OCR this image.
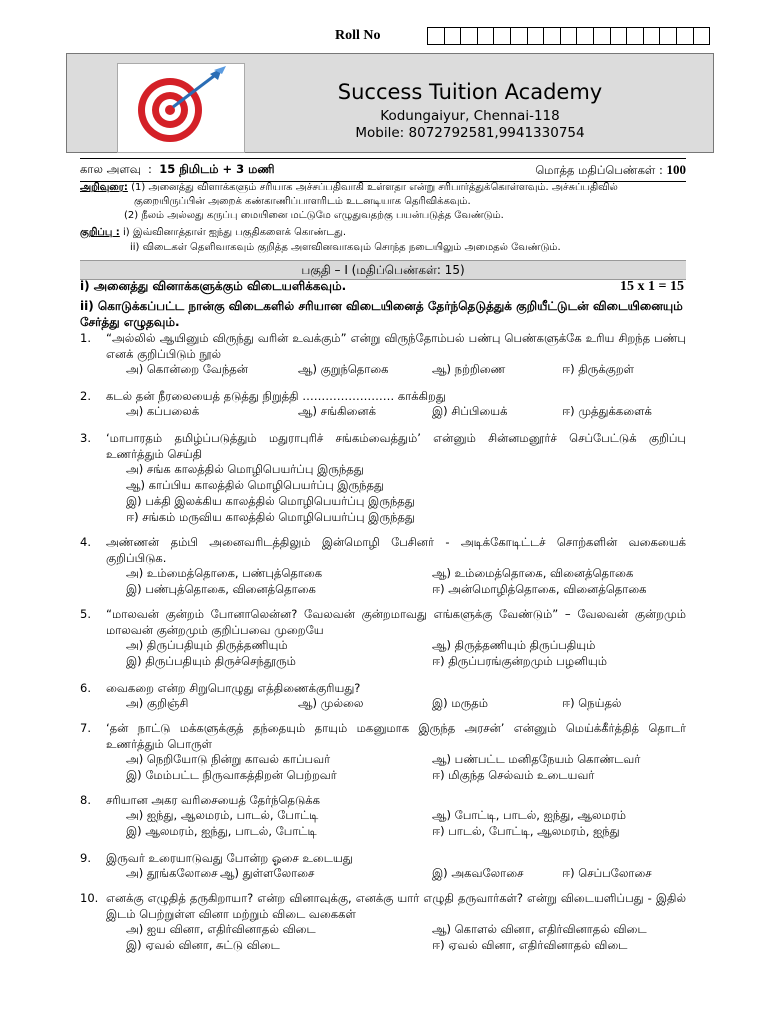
Roll No
Success Tuition Academy
Kodungaiyur, Chennai-118
Mobile: 8072792581,9941330754
கால அளவு  :  15 நிமிடம் + 3 மணி	மொத்த மதிப்பெண்கள் : 100
அறிவுரை: (1) அனைத்து விளாக்களும் சரியாக அச்சப்பதிவாகி உள்ளதா என்று சரிபார்த்துக்கொள்ளவும். அச்சுப்பதிவில்
குறையிருப்பின் அறைக் கண்காணிப்பாளரிடம் உடனடியாக தெரிவிக்கவும்.
(2) நீலம் அல்லது கருப்பு மையினை மட்டுமே எழுதுவதற்கு பயன்படுத்த வேண்டும்.
குறிப்பு : i) இவ்வினாத்தாள் ஐந்து பகுதிகளைக் கொண்டது.
ii) விடைகள் தெளிவாகவும் குறித்த அளவினவாகவும் சொந்த நடையிலும் அமைதல் வேண்டும்.
பகுதி – I (மதிப்பெண்கள்: 15)
i) அனைத்து வினாக்களுக்கும் விடையளிக்கவும்.	15 x 1 = 15
ii) கொடுக்கப்பட்ட நான்கு விடைகளில் சரியான விடையினைத் தேர்ந்தெடுத்துக் குறியீட்டுடன் விடையினையும் சேர்த்து எழுதவும்.
1. “அல்லில் ஆயினும் விருந்து வரின் உவக்கும்” என்று விருந்தோம்பல் பண்பு பெண்களுக்கே உரிய சிறந்த பண்பு எனக் குறிப்பிடும் நூல்
அ) கொன்றை வேந்தன்	ஆ) குறுந்தொகை	ஆ) நற்றிணை	ஈ) திருக்குறள்
2. கடல் தன் நீரலையைத் தடுத்து நிறுத்தி …………………… காக்கிறது
அ) கப்பலைக்	ஆ) சங்கினைக்	இ) சிப்பியைக்	ஈ) முத்துக்களைக்
3. ‘மாபாரதம் தமிழ்ப்படுத்தும் மதுராபுரிச் சங்கம்வைத்தும்’ என்னும் சின்னமனூர்ச் செப்பேட்டுக் குறிப்பு உணர்த்தும் செய்தி
அ) சங்க காலத்தில் மொழிபெயர்ப்பு இருந்தது
ஆ) காப்பிய காலத்தில் மொழிபெயர்ப்பு இருந்தது
இ) பக்தி இலக்கிய காலத்தில் மொழிபெயர்ப்பு இருந்தது
ஈ) சங்கம் மருவிய காலத்தில் மொழிபெயர்ப்பு இருந்தது
4. அண்ணன் தம்பி அனைவரிடத்திலும் இன்மொழி பேசினர் - அடிக்கோடிட்டச் சொற்களின் வகையைக் குறிப்பிடுக.
அ) உம்மைத்தொகை, பண்புத்தொகை	ஆ) உம்மைத்தொகை, வினைத்தொகை
இ) பண்புத்தொகை, வினைத்தொகை	ஈ) அன்மொழித்தொகை, வினைத்தொகை
5. “மாலவன் குன்றம் போனாலென்ன? வேலவன் குன்றமாவது எங்களுக்கு வேண்டும்” – வேலவன் குன்றமும் மாலவன் குன்றமும் குறிப்பவை முறையே
அ) திருப்பதியும் திருத்தணியும்	ஆ) திருத்தணியும் திருப்பதியும்
இ) திருப்பதியும் திருச்செந்தூரும்	ஈ) திருப்பரங்குன்றமும் பழனியும்
6. வைகறை என்ற சிறுபொழுது எத்திணைக்குரியது?
அ) குறிஞ்சி	ஆ) முல்லை	இ) மருதம்	ஈ) நெய்தல்
7. ‘தன் நாட்டு மக்களுக்குத் தந்தையும் தாயும் மகனுமாக இருந்த அரசன்’ என்னும் மெய்க்கீர்த்தித் தொடர் உணர்த்தும் பொருள்
அ) நெறியோடு நின்று காவல் காப்பவர்	ஆ) பண்பட்ட மனிதநேயம் கொண்டவர்
இ) மேம்பட்ட நிருவாகத்திறன் பெற்றவர்	ஈ) மிகுந்த செல்வம் உடையவர்
8. சரியான அகர வரிசையைத் தேர்ந்தெடுக்க
அ) ஐந்து, ஆலமரம், பாடல், போட்டி	ஆ) போட்டி, பாடல், ஐந்து, ஆலமரம்
இ) ஆலமரம், ஐந்து, பாடல், போட்டி	ஈ) பாடல், போட்டி, ஆலமரம், ஐந்து
9. இருவர் உரையாடுவது போன்ற ஓசை உடையது
அ) தூங்கலோசை ஆ) துள்ளலோசை	இ) அகவலோசை	ஈ) செப்பலோசை
10. எனக்கு எழுதித் தருகிறாயா? என்ற வினாவுக்கு, எனக்கு யார் எழுதி தருவார்கள்? என்று விடையளிப்பது - இதில் இடம் பெற்றுள்ள வினா மற்றும் விடை வகைகள்
அ) ஐய வினா, எதிர்வினாதல் விடை	ஆ) கொளல் வினா, எதிர்வினாதல் விடை
இ) ஏவல் வினா, சுட்டு விடை	ஈ) ஏவல் வினா, எதிர்வினாதல் விடை
